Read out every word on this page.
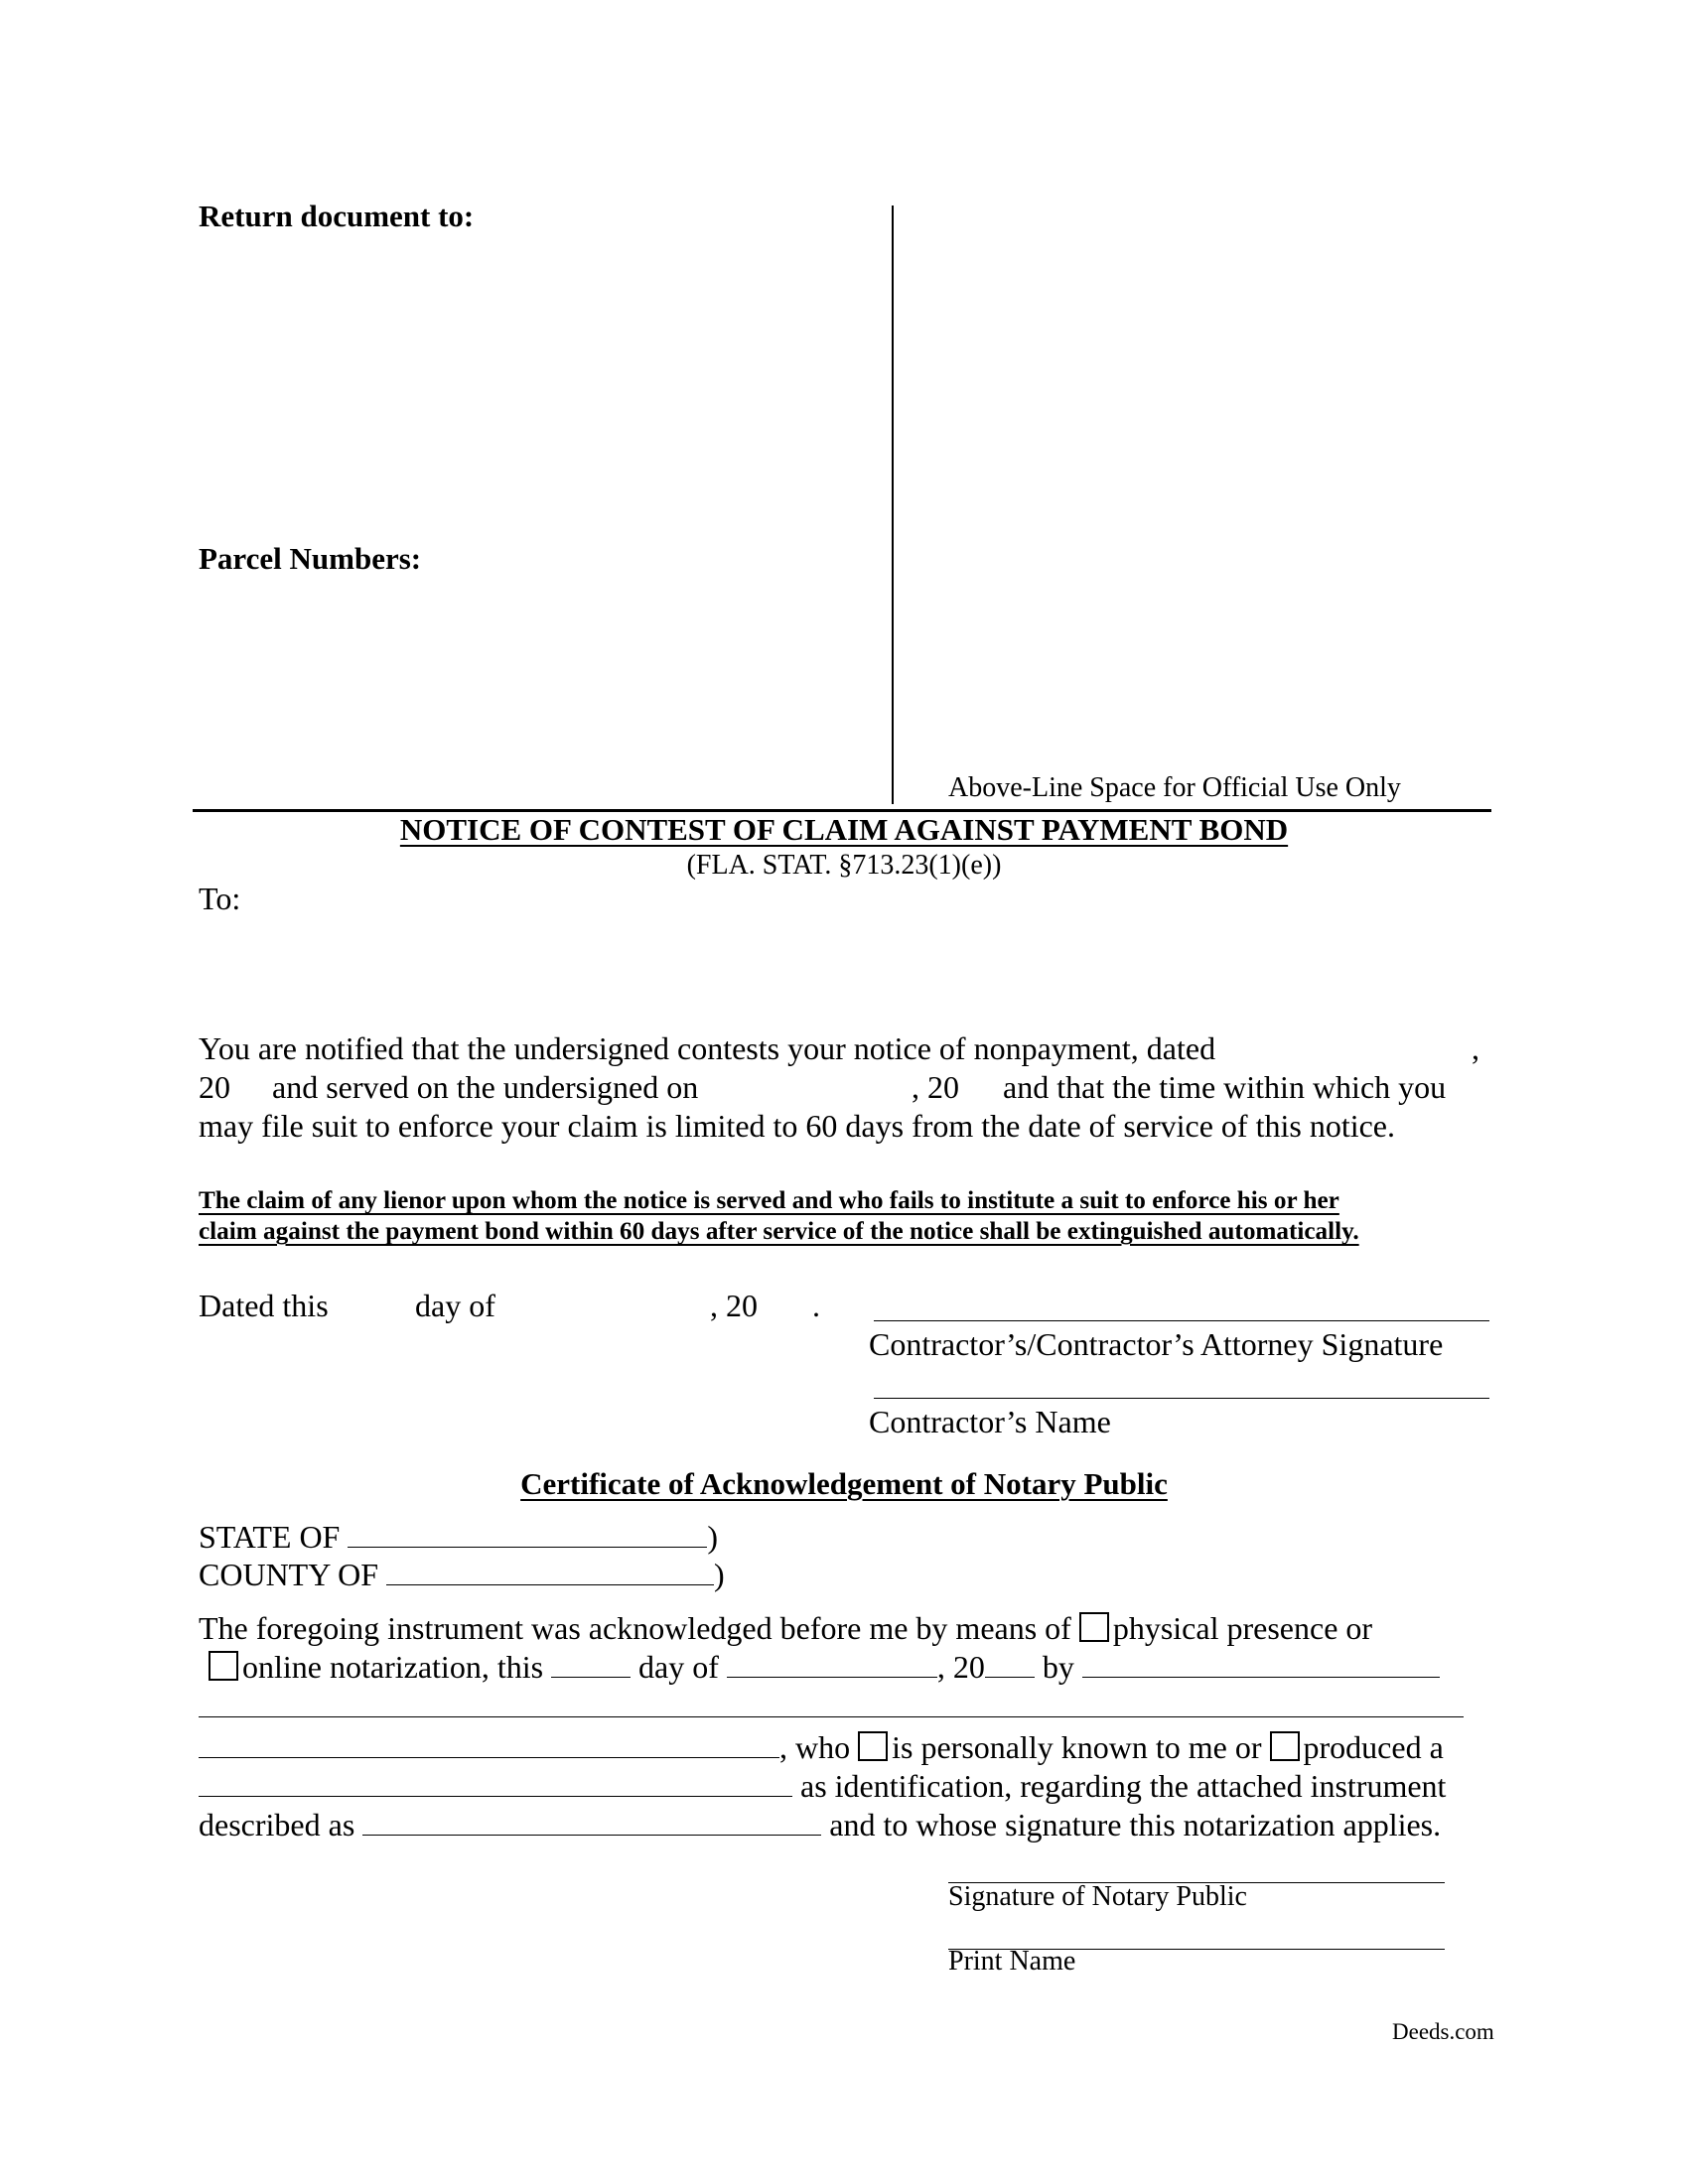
Return document to:
Parcel Numbers:
Above-Line Space for Official Use Only
NOTICE OF CONTEST OF CLAIM AGAINST PAYMENT BOND
(FLA. STAT. §713.23(1)(e))
To:
You are notified that the undersigned contests your notice of nonpayment, dated	,
20 and served on the undersigned on	, 20 and that the time within which you
may file suit to enforce your claim is limited to 60 days from the date of service of this notice.
The claim of any lienor upon whom the notice is served and who fails to institute a suit to enforce his or her
claim against the payment bond within 60 days after service of the notice shall be extinguished automatically.
Dated this	day of	, 20 .
Contractor’s/Contractor’s Attorney Signature
Contractor’s Name
Certificate of Acknowledgement of Notary Public
STATE OF	)
COUNTY OF	)
The foregoing instrument was acknowledged before me by means of physical presence or
online notarization, this	day of	, 20 by
, who is personally known to me or produced a
as identification, regarding the attached instrument
described as	and to whose signature this notarization applies.
Signature of Notary Public
Print Name
Deeds.com
